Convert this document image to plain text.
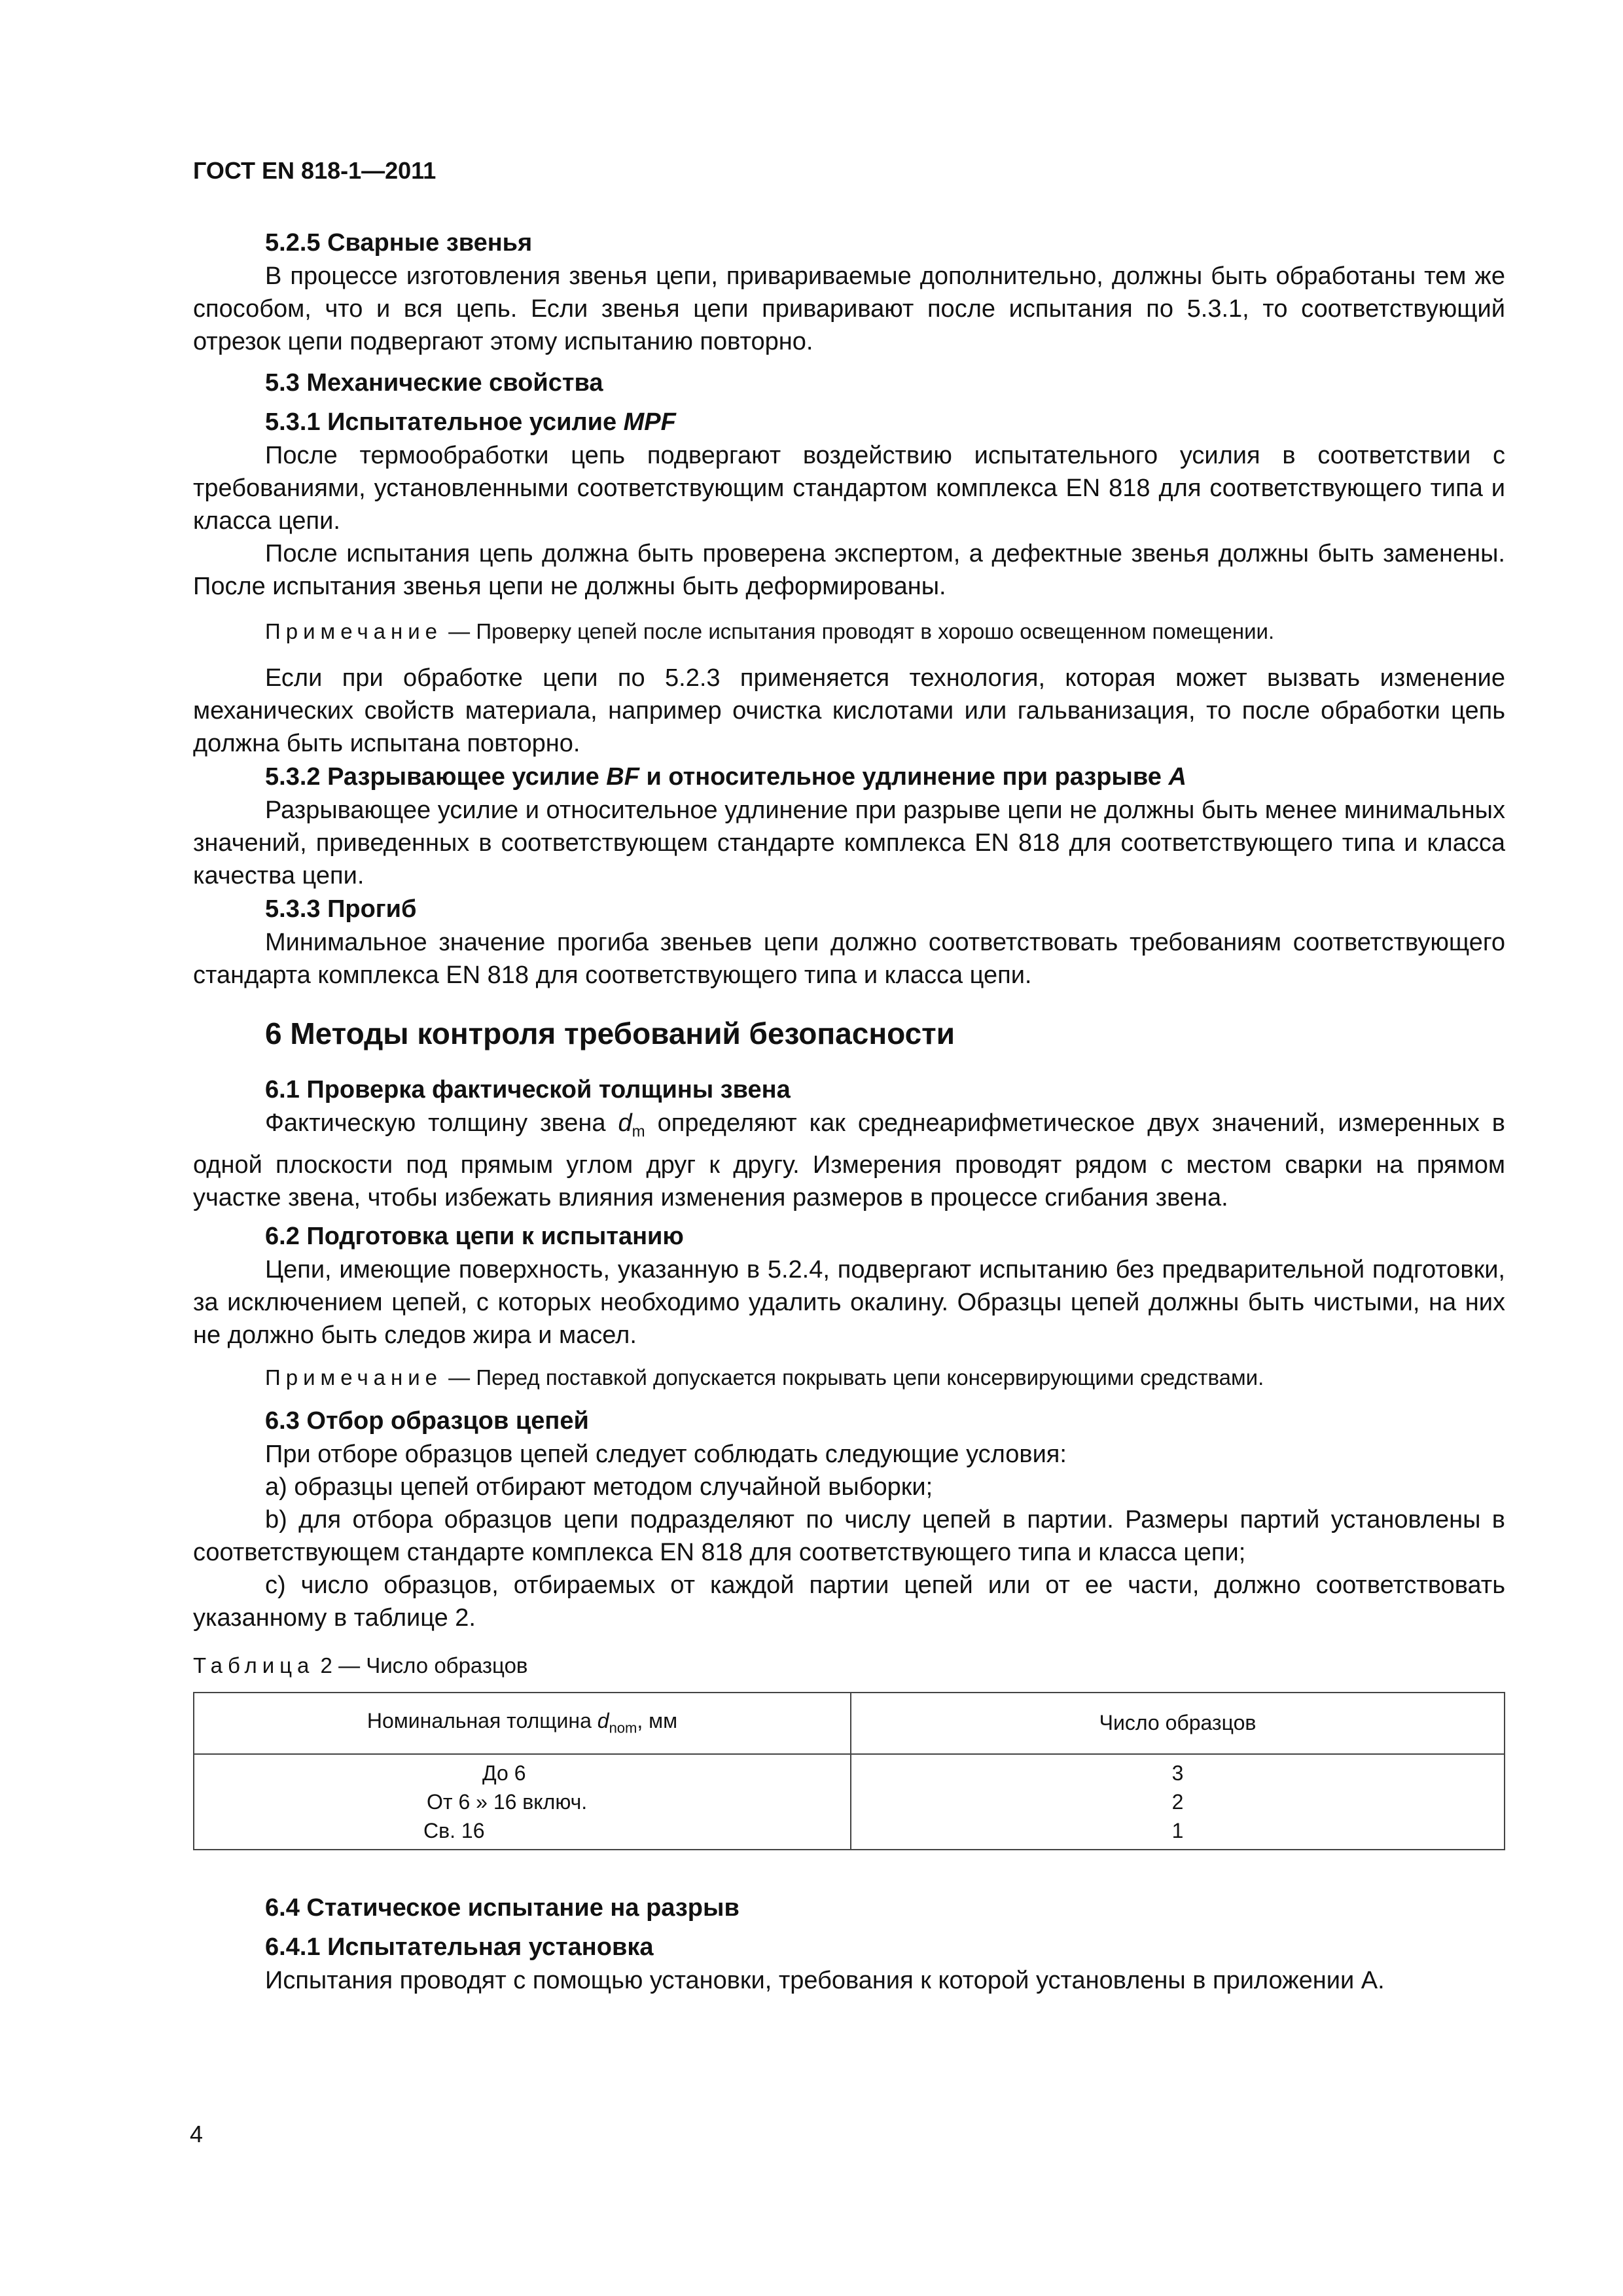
ГОСТ EN 818-1—2011
5.2.5 Сварные звенья

В процессе изготовления звенья цепи, привариваемые дополнительно, должны быть обработаны тем же способом, что и вся цепь. Если звенья цепи приваривают после испытания по 5.3.1, то соответствующий отрезок цепи подвергают этому испытанию повторно.

5.3 Механические свойства
5.3.1 Испытательное усилие MPF

После термообработки цепь подвергают воздействию испытательного усилия в соответствии с требованиями, установленными соответствующим стандартом комплекса EN 818 для соответствующего типа и класса цепи.

После испытания цепь должна быть проверена экспертом, а дефектные звенья должны быть заменены. После испытания звенья цепи не должны быть деформированы.

Примечание — Проверку цепей после испытания проводят в хорошо освещенном помещении.

Если при обработке цепи по 5.2.3 применяется технология, которая может вызвать изменение механических свойств материала, например очистка кислотами или гальванизация, то после обработки цепь должна быть испытана повторно.

5.3.2 Разрывающее усилие BF и относительное удлинение при разрыве A

Разрывающее усилие и относительное удлинение при разрыве цепи не должны быть менее минимальных значений, приведенных в соответствующем стандарте комплекса EN 818 для соответствующего типа и класса качества цепи.

5.3.3 Прогиб

Минимальное значение прогиба звеньев цепи должно соответствовать требованиям соответствующего стандарта комплекса EN 818 для соответствующего типа и класса цепи.

6 Методы контроля требований безопасности
6.1 Проверка фактической толщины звена

Фактическую толщину звена $d_m$ определяют как среднеарифметическое двух значений, измеренных в одной плоскости под прямым углом друг к другу. Измерения проводят рядом с местом сварки на прямом участке звена, чтобы избежать влияния изменения размеров в процессе сгибания звена.

6.2 Подготовка цепи к испытанию

Цепи, имеющие поверхность, указанную в 5.2.4, подвергают испытанию без предварительной подготовки, за исключением цепей, с которых необходимо удалить окалину. Образцы цепей должны быть чистыми, на них не должно быть следов жира и масел.

Примечание — Перед поставкой допускается покрывать цепи консервирующими средствами.

6.3 Отбор образцов цепей

При отборе образцов цепей следует соблюдать следующие условия:

a) образцы цепей отбирают методом случайной выборки;

b) для отбора образцов цепи подразделяют по числу цепей в партии. Размеры партий установлены в соответствующем стандарте комплекса EN 818 для соответствующего типа и класса цепи;

c) число образцов, отбираемых от каждой партии цепей или от ее части, должно соответствовать указанному в таблице 2.

Таблица 2 — Число образцов

Номинальная толщина $d_{nom}$, мм	Число образцов
До 6	3
От 6 » 16 включ.	2
Св. 16	1
6.4 Статическое испытание на разрыв
6.4.1 Испытательная установка

Испытания проводят с помощью установки, требования к которой установлены в приложении А.

4
